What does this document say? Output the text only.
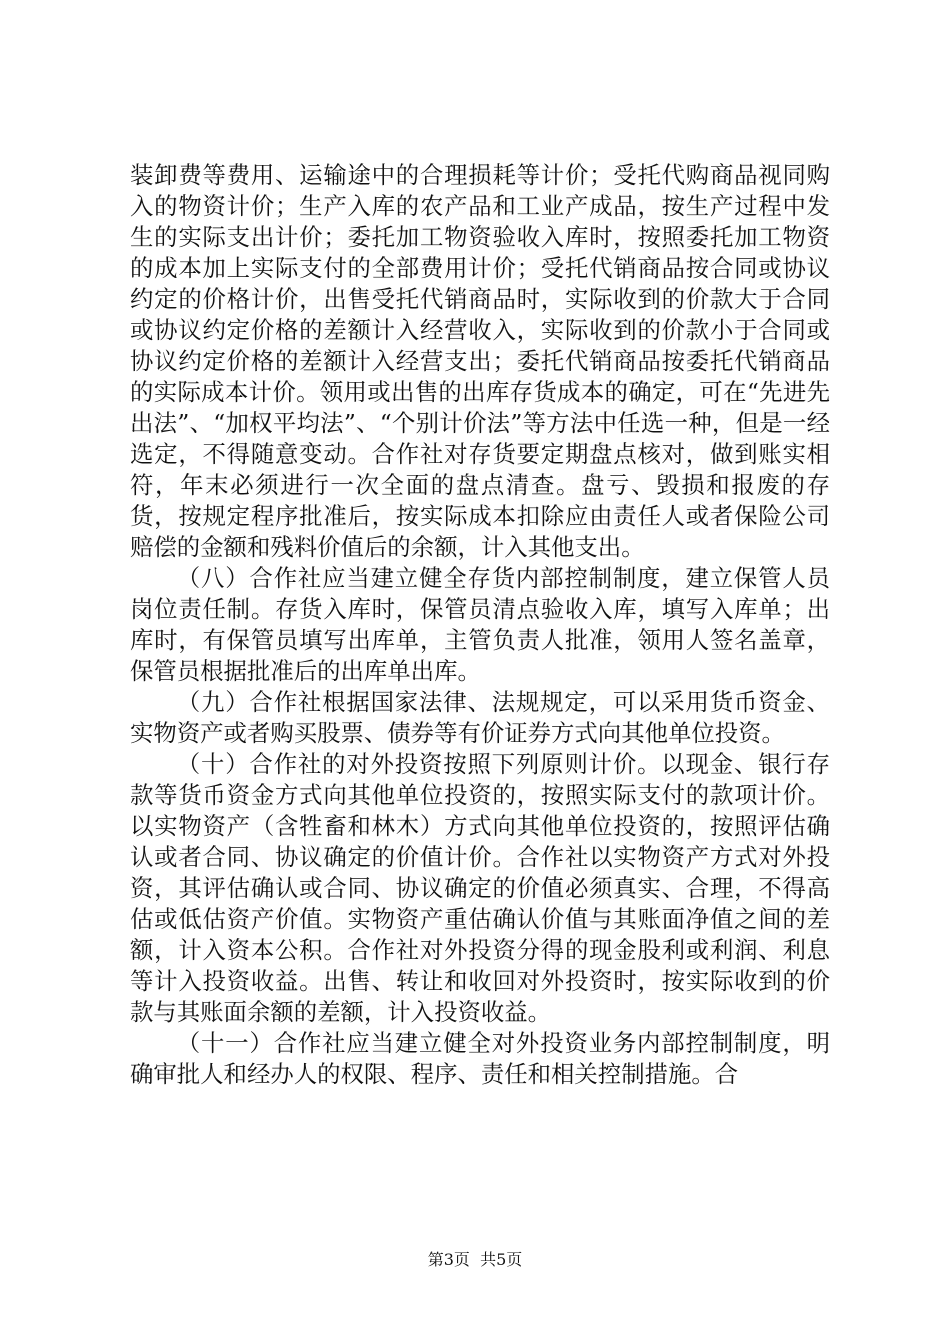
装卸费等费用、运输途中的合理损耗等计价；受托代购商品视同购入的物资计价；生产入库的农产品和工业产成品，按生产过程中发生的实际支出计价；委托加工物资验收入库时，按照委托加工物资的成本加上实际支付的全部费用计价；受托代销商品按合同或协议约定的价格计价，出售受托代销商品时，实际收到的价款大于合同或协议约定价格的差额计入经营收入，实际收到的价款小于合同或协议约定价格的差额计入经营支出；委托代销商品按委托代销商品的实际成本计价。领用或出售的出库存货成本的确定，可在“先进先出法”、“加权平均法”、“个别计价法”等方法中任选一种，但是一经选定，不得随意变动。合作社对存货要定期盘点核对，做到账实相符，年末必须进行一次全面的盘点清查。盘亏、毁损和报废的存货，按规定程序批准后，按实际成本扣除应由责任人或者保险公司赔偿的金额和残料价值后的余额，计入其他支出。

（八）合作社应当建立健全存货内部控制制度，建立保管人员岗位责任制。存货入库时，保管员清点验收入库，填写入库单；出库时，有保管员填写出库单，主管负责人批准，领用人签名盖章，保管员根据批准后的出库单出库。

（九）合作社根据国家法律、法规规定，可以采用货币资金、实物资产或者购买股票、债券等有价证券方式向其他单位投资。

（十）合作社的对外投资按照下列原则计价。以现金、银行存款等货币资金方式向其他单位投资的，按照实际支付的款项计价。以实物资产（含牲畜和林木）方式向其他单位投资的，按照评估确认或者合同、协议确定的价值计价。合作社以实物资产方式对外投资，其评估确认或合同、协议确定的价值必须真实、合理，不得高估或低估资产价值。实物资产重估确认价值与其账面净值之间的差额，计入资本公积。合作社对外投资分得的现金股利或利润、利息等计入投资收益。出售、转让和收回对外投资时，按实际收到的价款与其账面余额的差额，计入投资收益。

（十一）合作社应当建立健全对外投资业务内部控制制度，明确审批人和经办人的权限、程序、责任和相关控制措施。合

第3页  共5页
